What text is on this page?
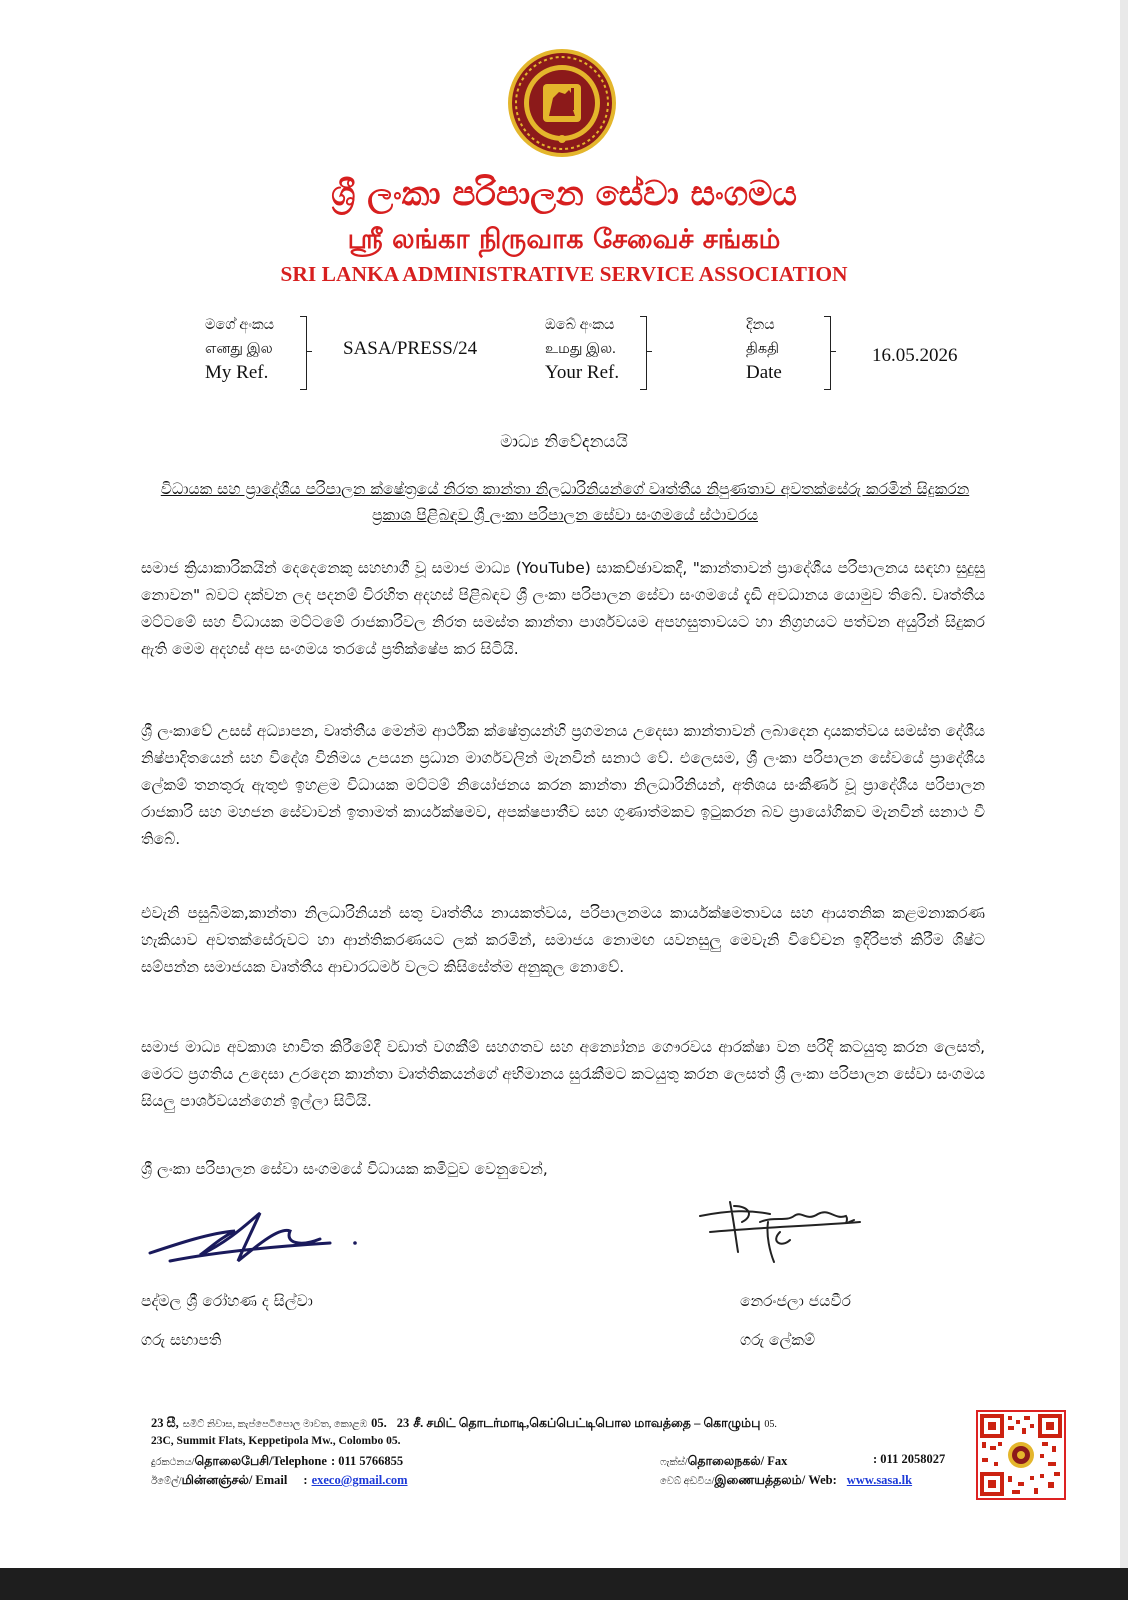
ශ්‍රී ලංකා පරිපාලන සේවා සංගමය
ஸ்ரீ லங்கா நிருவாக சேவைச் சங்கம்
SRI LANKA ADMINISTRATIVE SERVICE ASSOCIATION
මගේ අංකය
எனது இல
My Ref.
SASA/PRESS/24
ඔබේ අංකය
உமது இல.
Your Ref.
දිනය
திகதி
Date
16.05.2026
මාධ්‍ය නිවේදනයයි
විධායක සහ ප්‍රාදේශීය පරිපාලන ක්ෂේත්‍රයේ නිරත කාන්තා නිලධාරිනියන්ගේ වෘත්තීය නිපුණතාව අවතක්සේරු කරමින් සිදුකරන ප්‍රකාශ පිළිබඳව ශ්‍රී ලංකා පරිපාලන සේවා සංගමයේ ස්ථාවරය

සමාජ ක්‍රියාකාරිකයින් දෙදෙනෙකු සහභාගී වූ සමාජ මාධ්‍ය (YouTube) සාකච්ඡාවකදී, "කාන්තාවන් ප්‍රාදේශීය පරිපාලනය සඳහා සුදුසු නොවන" බවට දක්වන ලද පදනම් විරහිත අදහස් පිළිබඳව ශ්‍රී ලංකා පරිපාලන සේවා සංගමයේ දැඩි අවධානය යොමුව තිබේ. වෘත්තීය මට්ටමේ සහ විධායක මට්ටමේ රාජකාරිවල නිරත සමස්ත කාන්තා පාර්ශවයම අපහසුතාවයට හා නිග්‍රහයට පත්වන අයුරින් සිදුකර ඇති මෙම අදහස් අප සංගමය තරයේ ප්‍රතික්ෂේප කර සිටියි.

ශ්‍රී ලංකාවේ උසස් අධ්‍යාපන, වෘත්තීය මෙන්ම ආර්ථික ක්ෂේත්‍රයන්හි ප්‍රගමනය උදෙසා කාන්තාවන් ලබාදෙන දායකත්වය සමස්ත දේශීය නිෂ්පාදිතයෙන් සහ විදේශ විනිමය උපයන ප්‍රධාන මාර්ගවලින් මැනවින් සනාථ වේ. එලෙසම, ශ්‍රී ලංකා පරිපාලන සේවයේ ප්‍රාදේශීය ලේකම් තනතුරු ඇතුළු ඉහළම විධායක මට්ටම් නියෝජනය කරන කාන්තා නිලධාරිනියන්, අතිශය සංකීර්ණ වූ ප්‍රාදේශීය පරිපාලන රාජකාරි සහ මහජන සේවාවන් ඉතාමත් කාර්යක්ෂමව, අපක්ෂපාතීව සහ ගුණාත්මකව ඉටුකරන බව ප්‍රායෝගිකව මැනවින් සනාථ වී තිබේ.

එවැනි පසුබිමක,කාන්තා නිලධාරිනියන් සතු වෘත්තීය නායකත්වය, පරිපාලනමය කාර්යක්ෂමතාවය සහ ආයතනික කළමනාකරණ හැකියාව අවතක්සේරුවට හා ආන්තිකරණයට ලක් කරමින්, සමාජය නොමඟ යවනසුලු මෙවැනි විවේචන ඉදිරිපත් කිරීම ශිෂ්ට සම්පන්න සමාජයක වෘත්තීය ආචාරධර්ම වලට කිසිසේත්ම අනුකූල නොවේ.

සමාජ මාධ්‍ය අවකාශ භාවිත කිරීමේදී වඩාත් වගකීම් සහගතව සහ අන්‍යෝන්‍ය ගෞරවය ආරක්ෂා වන පරිදි කටයුතු කරන ලෙසත්, මෙරට ප්‍රගතිය උදෙසා උරදෙන කාන්තා වෘත්තිකයන්ගේ අභිමානය සුරැකීමට කටයුතු කරන ලෙසත් ශ්‍රී ලංකා පරිපාලන සේවා සංගමය සියලු පාර්ශවයන්ගෙන් ඉල්ලා සිටියි.

ශ්‍රී ලංකා පරිපාලන සේවා සංගමයේ විධායක කමිටුව වෙනුවෙන්,
පද්මල ශ්‍රී රෝහණ ද සිල්වා
ගරු සභාපති
නෙරංජලා ජයවීර
ගරු ලේකම්
23 සී, සමිට් නිවාස, කැප්පෙටිපොල මාවත, කොළඹ 05. 23 சீ. சமிட் தொடர்மாடி,கெப்பெட்டிபொல மாவத்தை – கொழும்பு 05.
23C, Summit Flats, Keppetipola Mw., Colombo 05.
දුරකථනය/தொலைபேசி/Telephone : 011 5766855	ෆැක්ස්/தொலைநகல்/ Fax	: 011 2058027
ඊමේල්/மின்னஞ்சல்/ Email : execo@gmail.com	වෙබ් අඩවිය/இணையத்தலம்/ Web: www.sasa.lk
